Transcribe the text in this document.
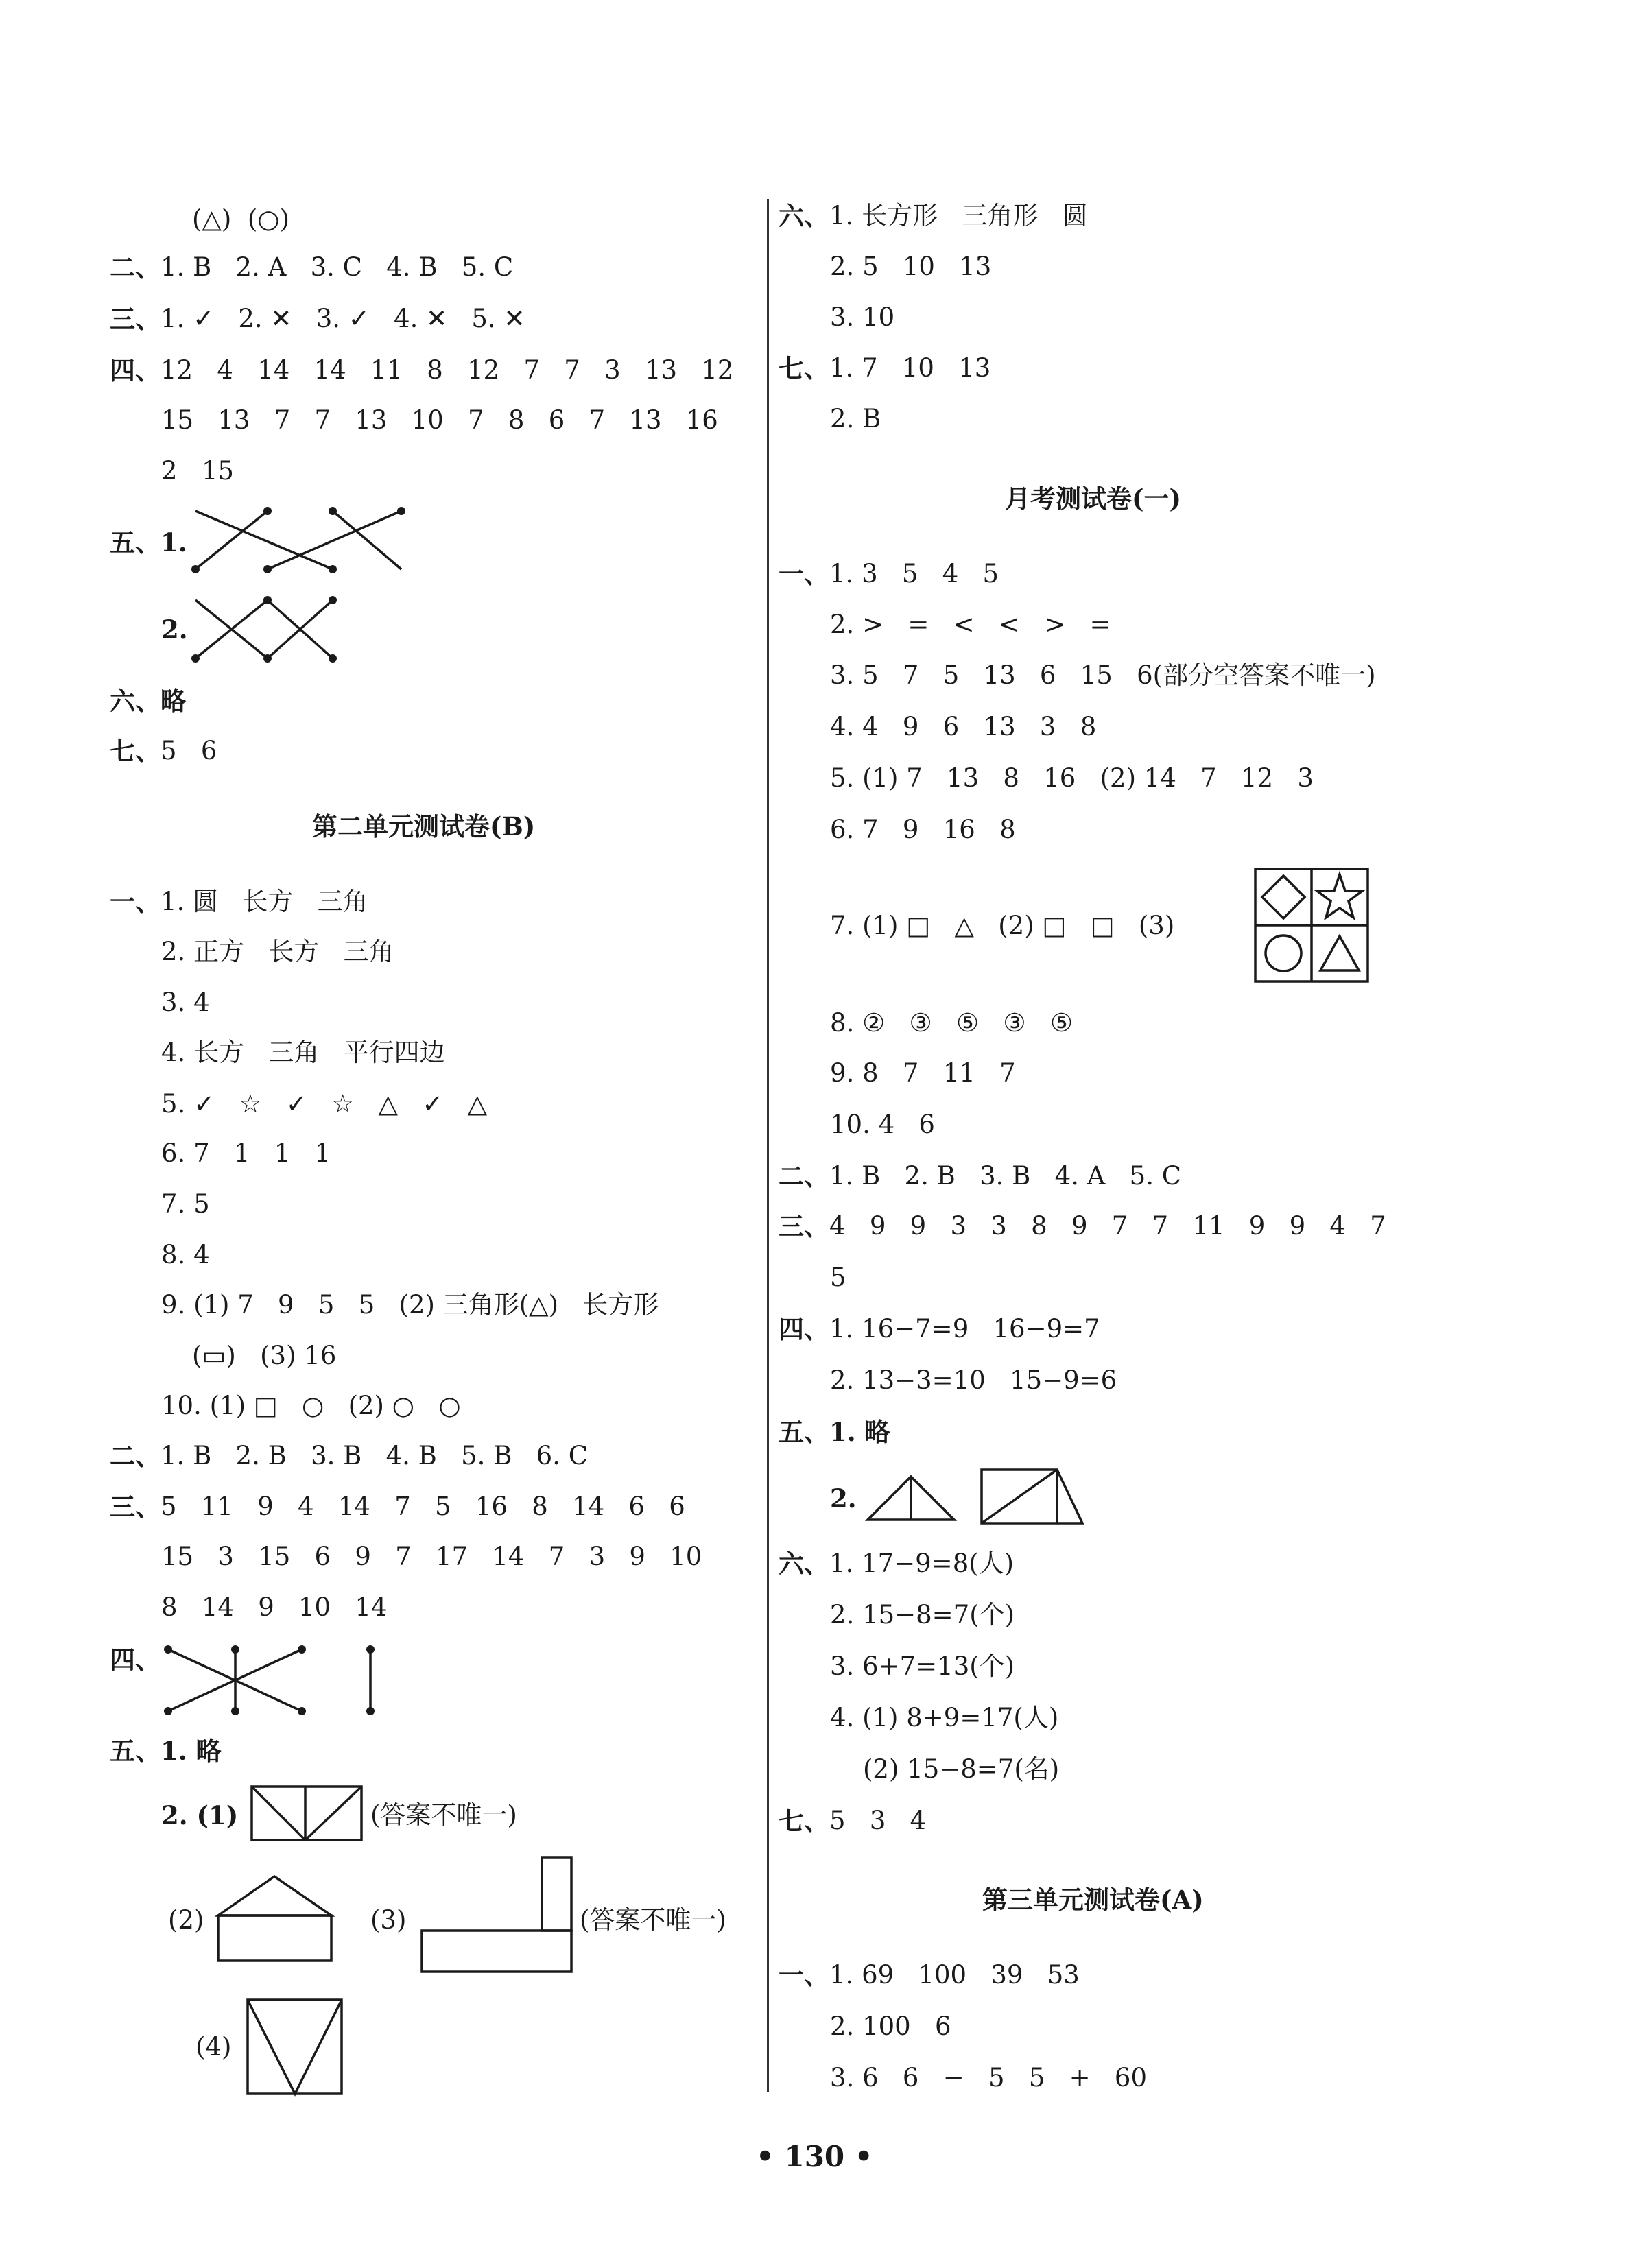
(△)  (○)
二、 1. B   2. A   3. C   4. B   5. C
三、 1. ✓   2. ✕   3. ✓   4. ✕   5. ✕
四、 12   4   14   14   11   8   12   7   7   3   13   12
15   13   7   7   13   10   7   8   6   7   13   16
2   15
五、 1.
2.
六、 略
七、 5   6
第二单元测试卷(B)
一、 1. 圆   长方   三角
2. 正方   长方   三角
3. 4
4. 长方   三角   平行四边
5. ✓   ☆   ✓   ☆   △   ✓   △
6. 7   1   1   1
7. 5
8. 4
9. (1) 7   9   5   5   (2) 三角形(△)   长方形
(▭)   (3) 16
10. (1) □   ○   (2) ○   ○
二、 1. B   2. B   3. B   4. B   5. B   6. C
三、 5   11   9   4   14   7   5   16   8   14   6   6
15   3   15   6   9   7   17   14   7   3   9   10
8   14   9   10   14
四、
五、 1. 略
2. (1)	(答案不唯一)
(2)	(3)	(答案不唯一)
(4)
六、 1. 长方形   三角形   圆
2. 5   10   13
3. 10
七、 1. 7   10   13
2. B
月考测试卷(一)
一、 1. 3   5   4   5
2. >   =   <   <   >   =
3. 5   7   5   13   6   15   6(部分空答案不唯一)
4. 4   9   6   13   3   8
5. (1) 7   13   8   16   (2) 14   7   12   3
6. 7   9   16   8
7. (1) □   △   (2) □   □   (3)
8. ②   ③   ⑤   ③   ⑤
9. 8   7   11   7
10. 4   6
二、 1. B   2. B   3. B   4. A   5. C
三、 4   9   9   3   3   8   9   7   7   11   9   9   4   7
5
四、 1. 16−7=9   16−9=7
2. 13−3=10   15−9=6
五、 1. 略
2.
六、 1. 17−9=8(人)
2. 15−8=7(个)
3. 6+7=13(个)
4. (1) 8+9=17(人)
(2) 15−8=7(名)
七、 5   3   4
第三单元测试卷(A)
一、 1. 69   100   39   53
2. 100   6
3. 6   6   −   5   5   +   60
• 130 •
